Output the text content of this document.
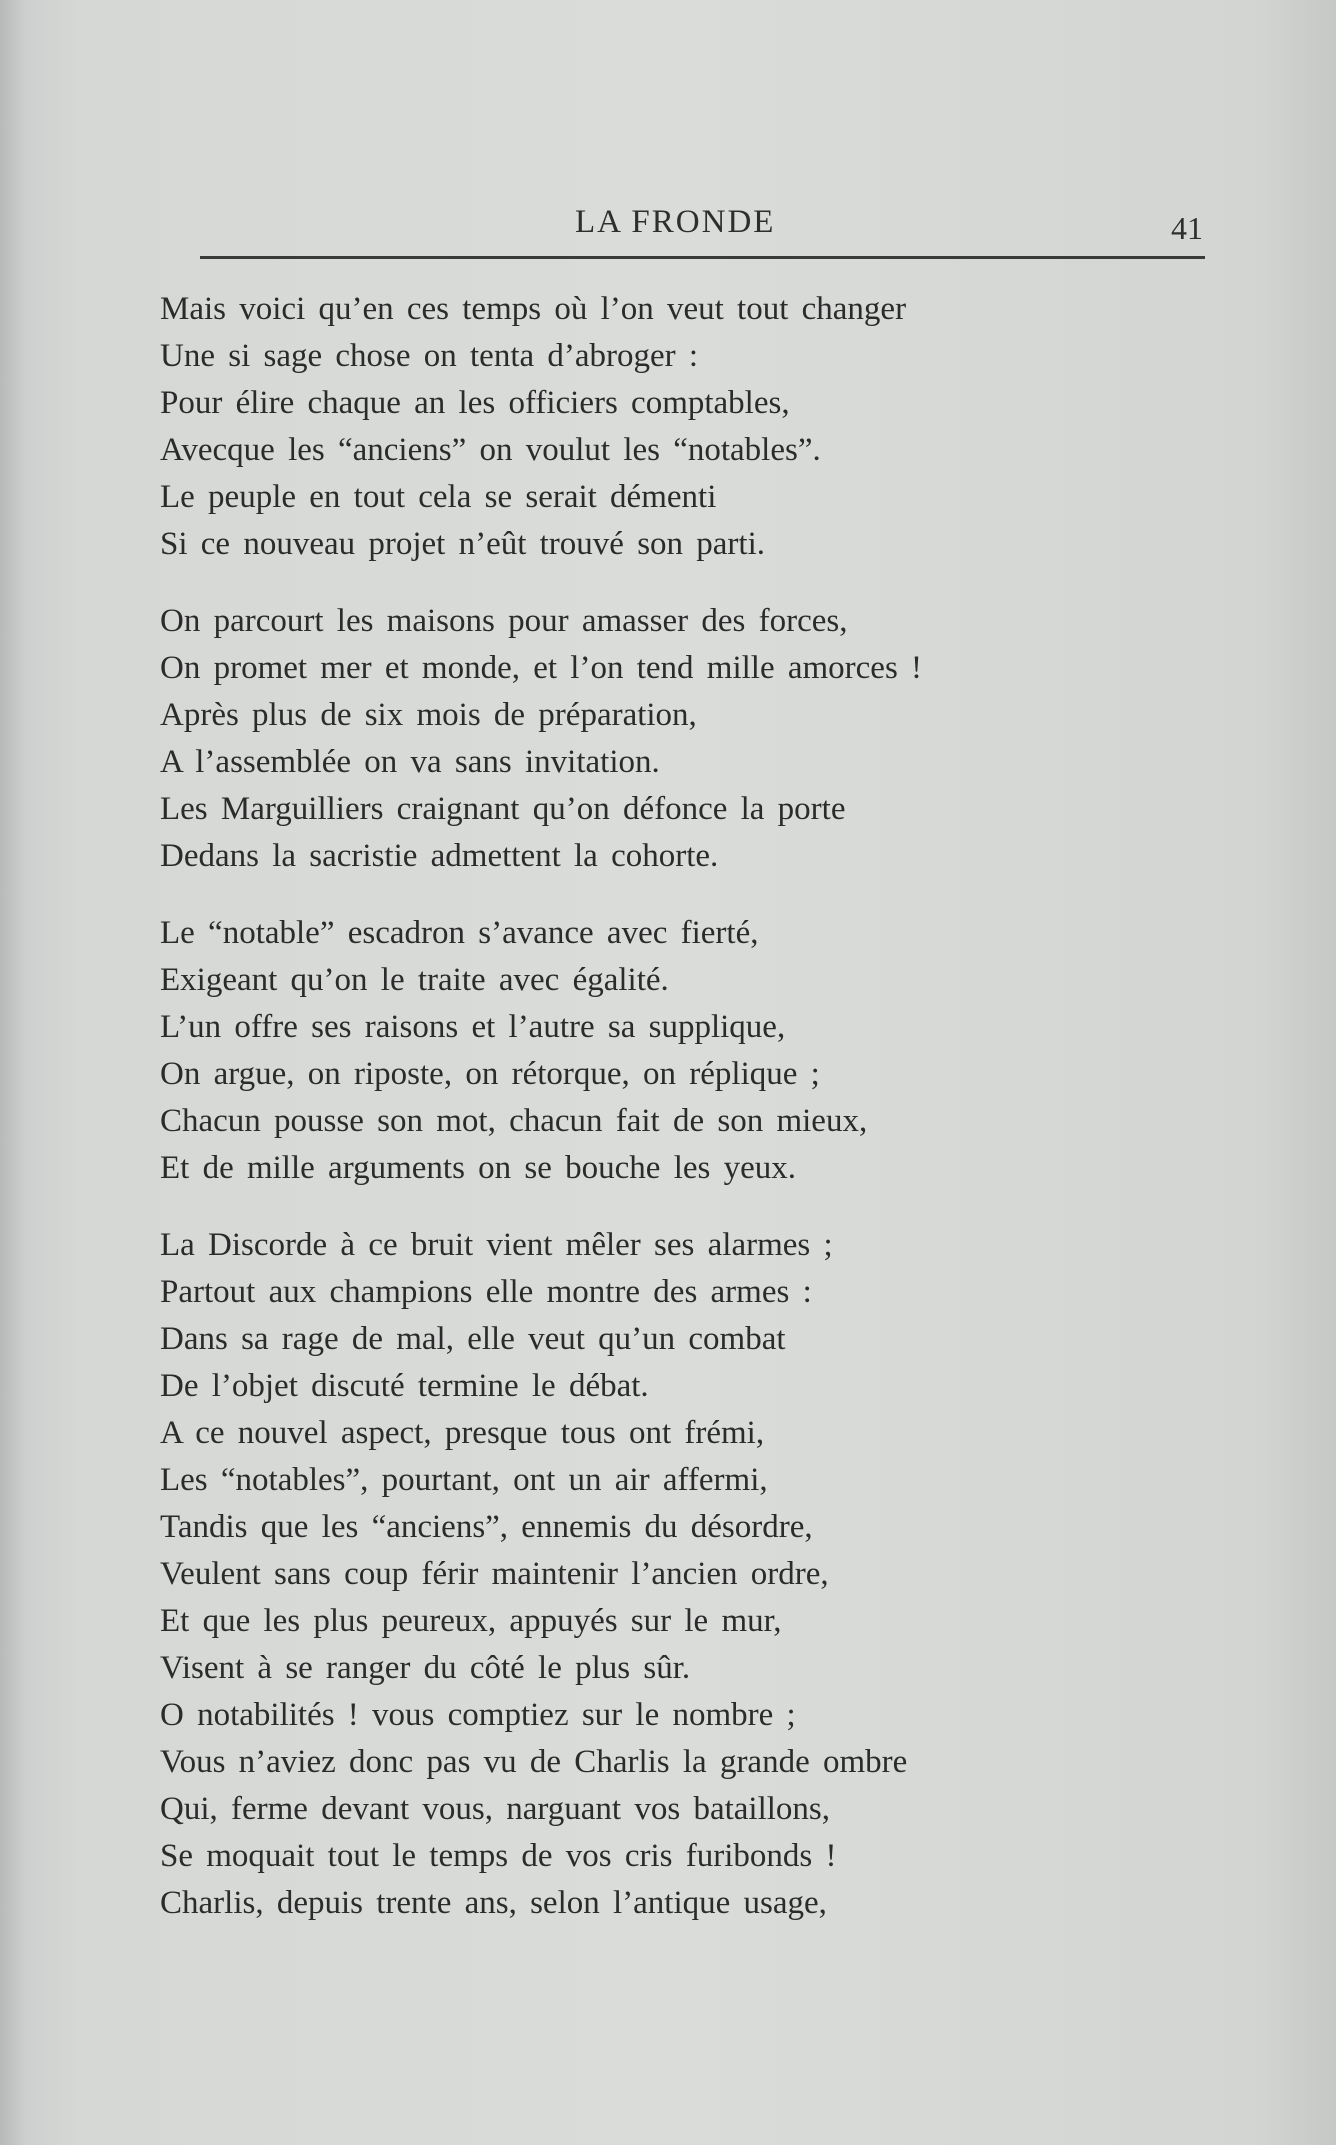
LA FRONDE	41
Mais voici qu’en ces temps où l’on veut tout changer
Une si sage chose on tenta d’abroger :
Pour élire chaque an les officiers comptables,
Avecque les “anciens” on voulut les “notables”.
Le peuple en tout cela se serait démenti
Si ce nouveau projet n’eût trouvé son parti.
On parcourt les maisons pour amasser des forces,
On promet mer et monde, et l’on tend mille amorces !
Après plus de six mois de préparation,
A l’assemblée on va sans invitation.
Les Marguilliers craignant qu’on défonce la porte
Dedans la sacristie admettent la cohorte.
Le “notable” escadron s’avance avec fierté,
Exigeant qu’on le traite avec égalité.
L’un offre ses raisons et l’autre sa supplique,
On argue, on riposte, on rétorque, on réplique ;
Chacun pousse son mot, chacun fait de son mieux,
Et de mille arguments on se bouche les yeux.
La Discorde à ce bruit vient mêler ses alarmes ;
Partout aux champions elle montre des armes :
Dans sa rage de mal, elle veut qu’un combat
De l’objet discuté termine le débat.
A ce nouvel aspect, presque tous ont frémi,
Les “notables”, pourtant, ont un air affermi,
Tandis que les “anciens”, ennemis du désordre,
Veulent sans coup férir maintenir l’ancien ordre,
Et que les plus peureux, appuyés sur le mur,
Visent à se ranger du côté le plus sûr.
O notabilités ! vous comptiez sur le nombre ;
Vous n’aviez donc pas vu de Charlis la grande ombre
Qui, ferme devant vous, narguant vos bataillons,
Se moquait tout le temps de vos cris furibonds !
Charlis, depuis trente ans, selon l’antique usage,
